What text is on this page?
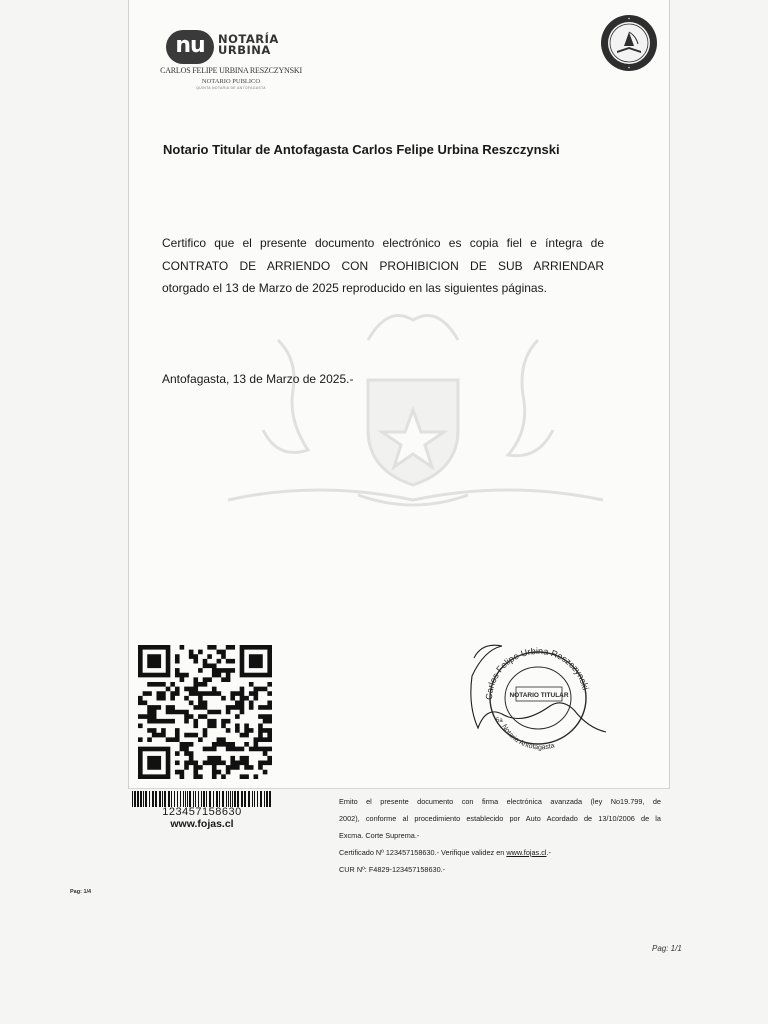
nu	NOTARÍA
URBINA
CARLOS FELIPE URBINA RESZCZYNSKI
NOTARIO PUBLICO
QUINTA NOTARIA DE ANTOFAGASTA
Notario Titular de Antofagasta Carlos Felipe Urbina Reszczynski
Certifico que el presente documento electrónico es copia fiel e íntegra de
CONTRATO DE ARRIENDO CON PROHIBICION DE SUB ARRIENDAR
otorgado el 13 de Marzo de 2025 reproducido en las siguientes páginas.
Antofagasta, 13 de Marzo de 2025.-
Carlos Felipe Urbina Reszczynski
Notaria Antofagasta
5a
NOTARIO TITULAR
123457158630
www.fojas.cl
Emito el presente documento con firma electrónica avanzada (ley No19.799, de
2002), conforme al procedimiento establecido por Auto Acordado de 13/10/2006 de la
Excma. Corte Suprema.-
Certificado Nº 123457158630.- Verifique validez en www.fojas.cl.-
CUR Nº: F4829-123457158630.-
Pag: 1/4
Pag: 1/1
